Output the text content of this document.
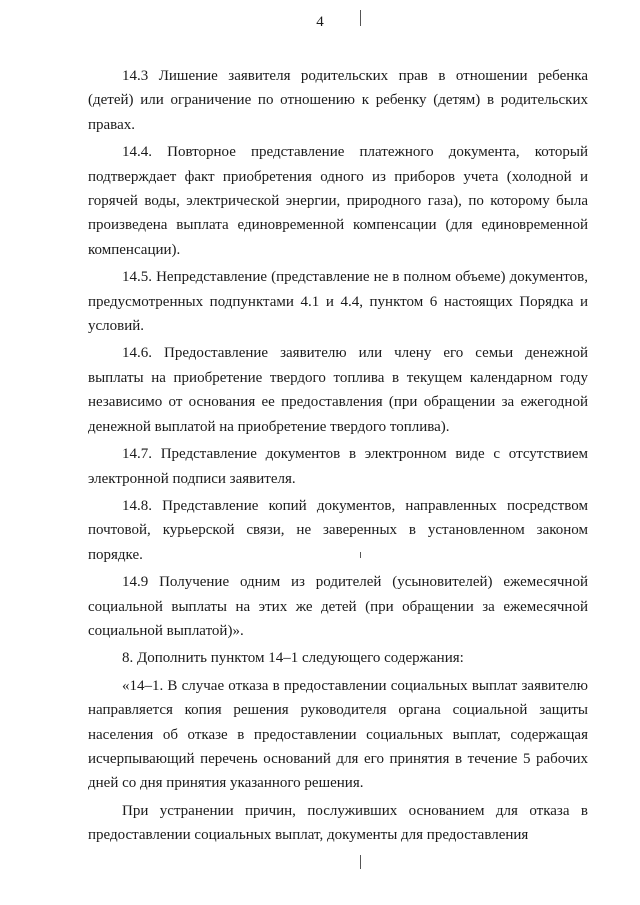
4

14.3 Лишение заявителя родительских прав в отношении ребенка (детей) или ограничение по отношению к ребенку (детям) в родительских правах.

14.4. Повторное представление платежного документа, который подтверждает факт приобретения одного из приборов учета (холодной и горячей воды, электрической энергии, природного газа), по которому была произведена выплата единовременной компенсации (для единовременной компенсации).

14.5. Непредставление (представление не в полном объеме) документов, предусмотренных подпунктами 4.1 и 4.4, пунктом 6 настоящих Порядка и условий.

14.6. Предоставление заявителю или члену его семьи денежной выплаты на приобретение твердого топлива в текущем календарном году независимо от основания ее предоставления (при обращении за ежегодной денежной выплатой на приобретение твердого топлива).

14.7. Представление документов в электронном виде с отсутствием электронной подписи заявителя.

14.8. Представление копий документов, направленных посредством почтовой, курьерской связи, не заверенных в установленном законом порядке.

14.9 Получение одним из родителей (усыновителей) ежемесячной социальной выплаты на этих же детей (при обращении за ежемесячной социальной выплатой)».

8. Дополнить пунктом 14–1 следующего содержания:

«14–1. В случае отказа в предоставлении социальных выплат заявителю направляется копия решения руководителя органа социальной защиты населения об отказе в предоставлении социальных выплат, содержащая исчерпывающий перечень оснований для его принятия в течение 5 рабочих дней со дня принятия указанного решения.

При устранении причин, послуживших основанием для отказа в предоставлении социальных выплат, документы для предоставления
